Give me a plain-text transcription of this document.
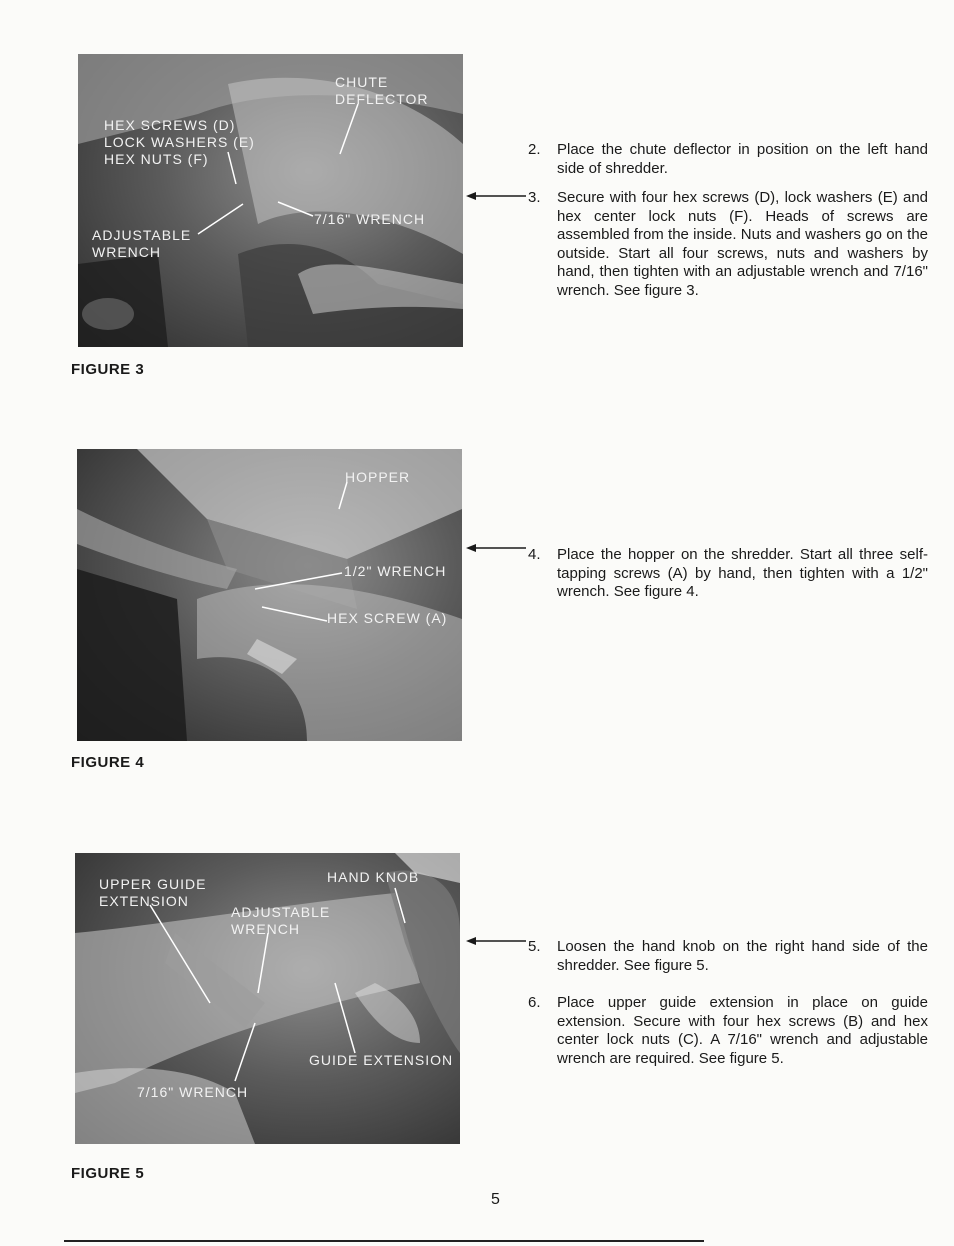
CHUTE
DEFLECTOR
HEX SCREWS (D)
LOCK WASHERS (E)
HEX NUTS (F)
ADJUSTABLE
WRENCH
7/16" WRENCH
FIGURE 3
HOPPER
1/2" WRENCH
HEX SCREW (A)
FIGURE 4
UPPER GUIDE
EXTENSION
HAND KNOB
ADJUSTABLE
WRENCH
GUIDE EXTENSION
7/16" WRENCH
FIGURE 5
2.	Place the chute deflector in position on the left hand side of shredder.
3.	Secure with four hex screws (D), lock washers (E) and hex center lock nuts (F). Heads of screws are assembled from the inside. Nuts and washers go on the outside. Start all four screws, nuts and washers by hand, then tighten with an adjustable wrench and 7/16" wrench. See figure 3.
4.	Place the hopper on the shredder. Start all three self-tapping screws (A) by hand, then tighten with a 1/2" wrench. See figure 4.
5.	Loosen the hand knob on the right hand side of the shredder. See figure 5.
6.	Place upper guide extension in place on guide extension. Secure with four hex screws (B) and hex center lock nuts (C). A 7/16" wrench and adjustable wrench are required. See figure 5.
5
